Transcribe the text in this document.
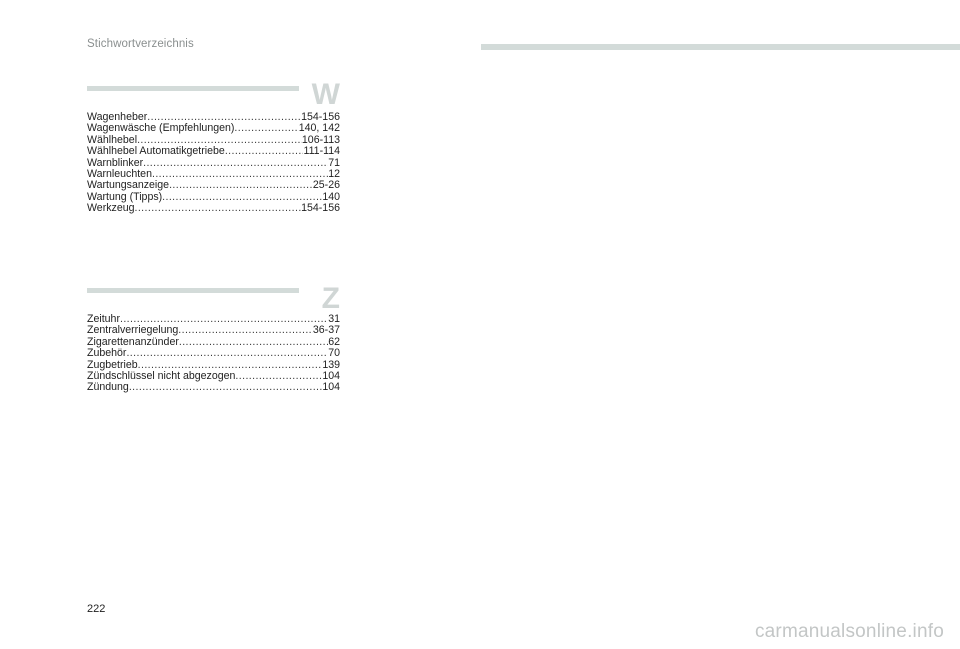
Stichwortverzeichnis
W
Wagenheber .....	154-156
Wagenwäsche (Empfehlungen) .....	140, 142
Wählhebel .....	106-113
Wählhebel Automatikgetriebe .....	111-114
Warnblinker .....	71
Warnleuchten .....	12
Wartungsanzeige .....	25-26
Wartung (Tipps) .....	140
Werkzeug .....	154-156
Z
Zeituhr .....	31
Zentralverriegelung .....	36-37
Zigarettenanzünder .....	62
Zubehör .....	70
Zugbetrieb .....	139
Zündschlüssel nicht abgezogen .....	104
Zündung .....	104
222
carmanualsonline.info
